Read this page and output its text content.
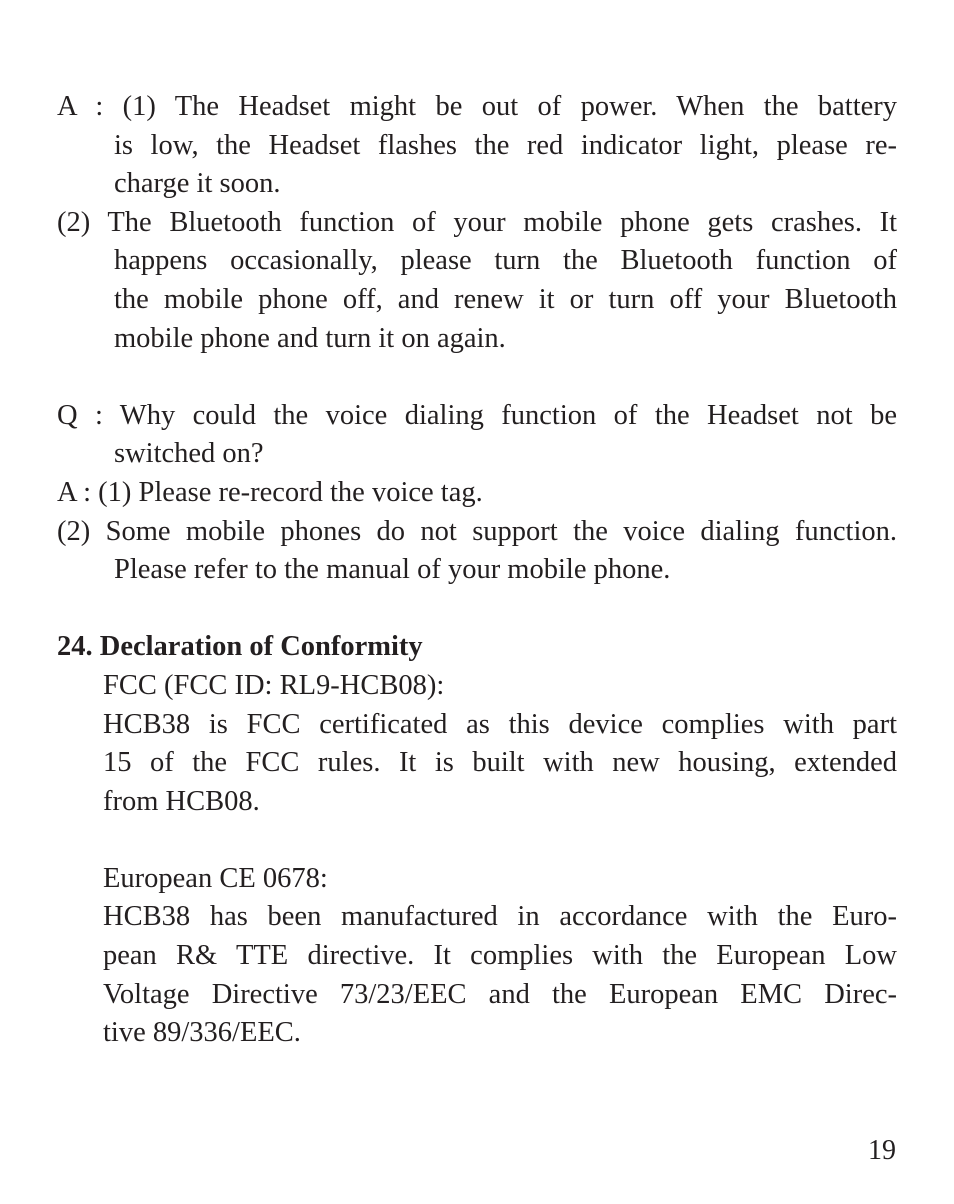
A : (1) The Headset might be out of power. When the battery
is low, the Headset flashes the red indicator light, please re-
charge it soon.
(2) The Bluetooth function of your mobile phone gets crashes. It
happens occasionally, please turn the Bluetooth function of
the mobile phone off, and renew it or turn off your Bluetooth
mobile phone and turn it on again.
Q : Why could the voice dialing function of the Headset not be
switched on?
A : (1) Please re-record the voice tag.
(2) Some mobile phones do not support the voice dialing function.
Please refer to the manual of your mobile phone.
24. Declaration of Conformity
FCC (FCC ID: RL9-HCB08):
HCB38 is FCC certificated as this device complies with part
15 of the FCC rules. It is built with new housing, extended
from HCB08.
European CE 0678:
HCB38 has been manufactured in accordance with the Euro-
pean R& TTE directive. It complies with the European Low
Voltage Directive 73/23/EEC and the European EMC Direc-
tive 89/336/EEC.
19
